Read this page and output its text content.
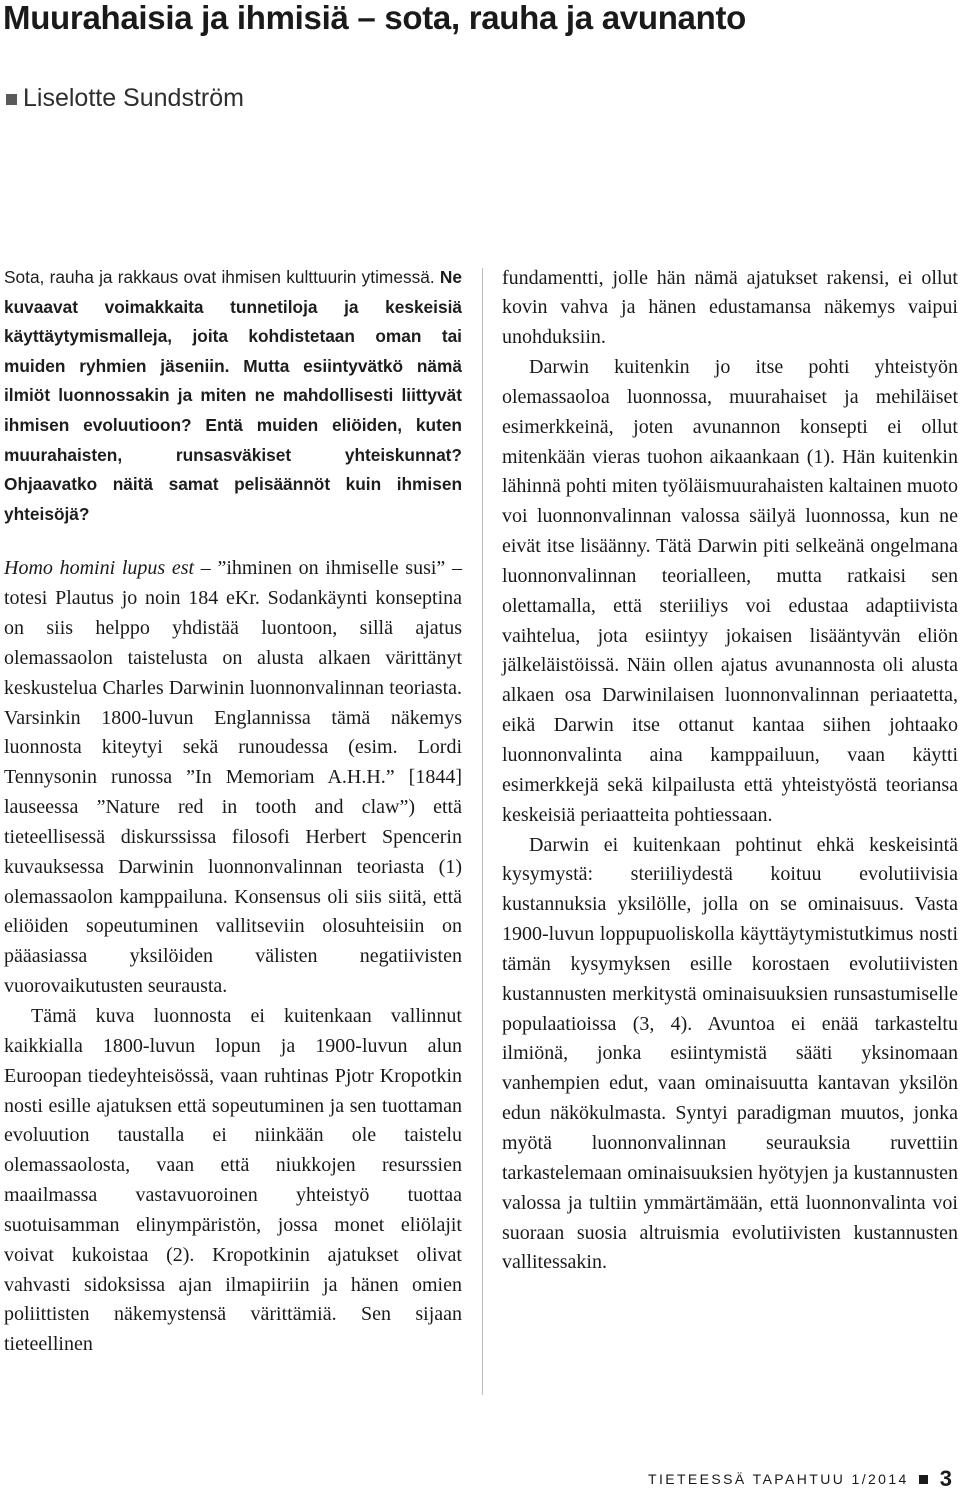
Muurahaisia ja ihmisiä – sota, rauha ja avunanto
Liselotte Sundström

Sota, rauha ja rakkaus ovat ihmisen kulttuurin ytimessä. Ne kuvaavat voimakkaita tunnetiloja ja keskeisiä käyttäytymismalleja, joita kohdistetaan oman tai muiden ryhmien jäseniin. Mutta esiintyvätkö nämä ilmiöt luonnossakin ja miten ne mahdollisesti liittyvät ihmisen evoluutioon? Entä muiden eliöiden, kuten muurahaisten, runsasväkiset yhteiskunnat? Ohjaavatko näitä samat pelisäännöt kuin ihmisen yhteisöjä?

Homo homini lupus est – ”ihminen on ihmiselle susi” – totesi Plautus jo noin 184 eKr. Sodankäynti konseptina on siis helppo yhdistää luontoon, sillä ajatus olemassaolon taistelusta on alusta alkaen värittänyt keskustelua Charles Darwinin luonnonvalinnan teoriasta. Varsinkin 1800-luvun Englannissa tämä näkemys luonnosta kiteytyi sekä runoudessa (esim. Lordi Tennysonin runossa ”In Memoriam A.H.H.” [1844] lauseessa ”Nature red in tooth and claw”) että tieteellisessä diskurssissa filosofi Herbert Spencerin kuvauksessa Darwinin luonnonvalinnan teoriasta (1) olemassaolon kamppailuna. Konsensus oli siis siitä, että eliöiden sopeutuminen vallitseviin olosuhteisiin on pääasiassa yksilöiden välisten negatiivisten vuorovaikutusten seurausta.

Tämä kuva luonnosta ei kuitenkaan vallinnut kaikkialla 1800-luvun lopun ja 1900-luvun alun Euroopan tiedeyhteisössä, vaan ruhtinas Pjotr Kropotkin nosti esille ajatuksen että sopeutuminen ja sen tuottaman evoluution taustalla ei niinkään ole taistelu olemassaolosta, vaan että niukkojen resurssien maailmassa vastavuoroinen yhteistyö tuottaa suotuisamman elinympäristön, jossa monet eliölajit voivat kukoistaa (2). Kropotkinin ajatukset olivat vahvasti sidoksissa ajan ilmapiiriin ja hänen omien poliittisten näkemystensä värittämiä. Sen sijaan tieteellinen

fundamentti, jolle hän nämä ajatukset rakensi, ei ollut kovin vahva ja hänen edustamansa näkemys vaipui unohduksiin.

Darwin kuitenkin jo itse pohti yhteistyön olemassaoloa luonnossa, muurahaiset ja mehiläiset esimerkkeinä, joten avunannon konsepti ei ollut mitenkään vieras tuohon aikaankaan (1). Hän kuitenkin lähinnä pohti miten työläismuurahaisten kaltainen muoto voi luonnonvalinnan valossa säilyä luonnossa, kun ne eivät itse lisäänny. Tätä Darwin piti selkeänä ongelmana luonnonvalinnan teorialleen, mutta ratkaisi sen olettamalla, että steriiliys voi edustaa adaptiivista vaihtelua, jota esiintyy jokaisen lisääntyvän eliön jälkeläistöissä. Näin ollen ajatus avunannosta oli alusta alkaen osa Darwinilaisen luonnonvalinnan periaatetta, eikä Darwin itse ottanut kantaa siihen johtaako luonnonvalinta aina kamppailuun, vaan käytti esimerkkejä sekä kilpailusta että yhteistyöstä teoriansa keskeisiä periaatteita pohtiessaan.

Darwin ei kuitenkaan pohtinut ehkä keskeisintä kysymystä: steriiliydestä koituu evolutiivisia kustannuksia yksilölle, jolla on se ominaisuus. Vasta 1900-luvun loppupuoliskolla käyttäytymistutkimus nosti tämän kysymyksen esille korostaen evolutiivisten kustannusten merkitystä ominaisuuksien runsastumiselle populaatioissa (3, 4). Avuntoa ei enää tarkasteltu ilmiönä, jonka esiintymistä sääti yksinomaan vanhempien edut, vaan ominaisuutta kantavan yksilön edun näkökulmasta. Syntyi paradigman muutos, jonka myötä luonnonvalinnan seurauksia ruvettiin tarkastelemaan ominaisuuksien hyötyjen ja kustannusten valossa ja tultiin ymmärtämään, että luonnonvalinta voi suoraan suosia altruismia evolutiivisten kustannusten vallitessakin.

TIETEESSÄ TAPAHTUU 1/2014 3
